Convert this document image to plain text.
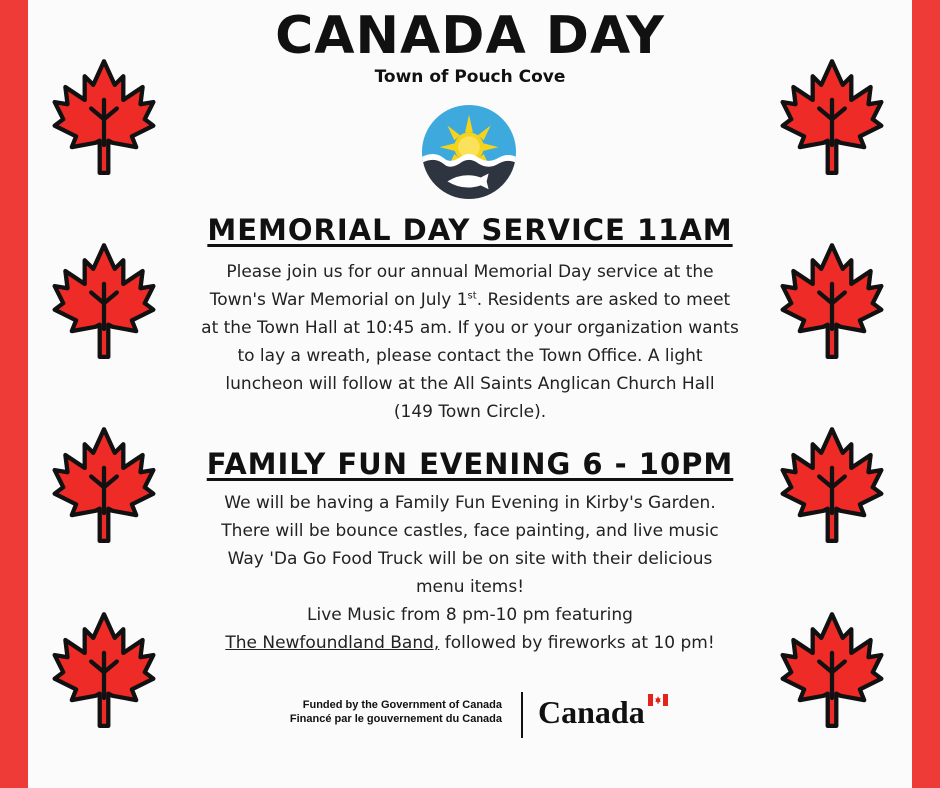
CANADA DAY
Town of Pouch Cove
MEMORIAL DAY SERVICE 11AM

Please join us for our annual Memorial Day service at the

Town's War Memorial on July 1st. Residents are asked to meet

at the Town Hall at 10:45 am. If you or your organization wants

to lay a wreath, please contact the Town Office. A light

luncheon will follow at the All Saints Anglican Church Hall

(149 Town Circle).

FAMILY FUN EVENING 6 - 10PM

We will be having a Family Fun Evening in Kirby's Garden.

There will be bounce castles, face painting, and live music

Way 'Da Go Food Truck will be on site with their delicious

menu items!

Live Music from 8 pm-10 pm featuring

The Newfoundland Band, followed by fireworks at 10 pm!

Funded by the Government of Canada
Financé par le gouvernement du Canada Canada
